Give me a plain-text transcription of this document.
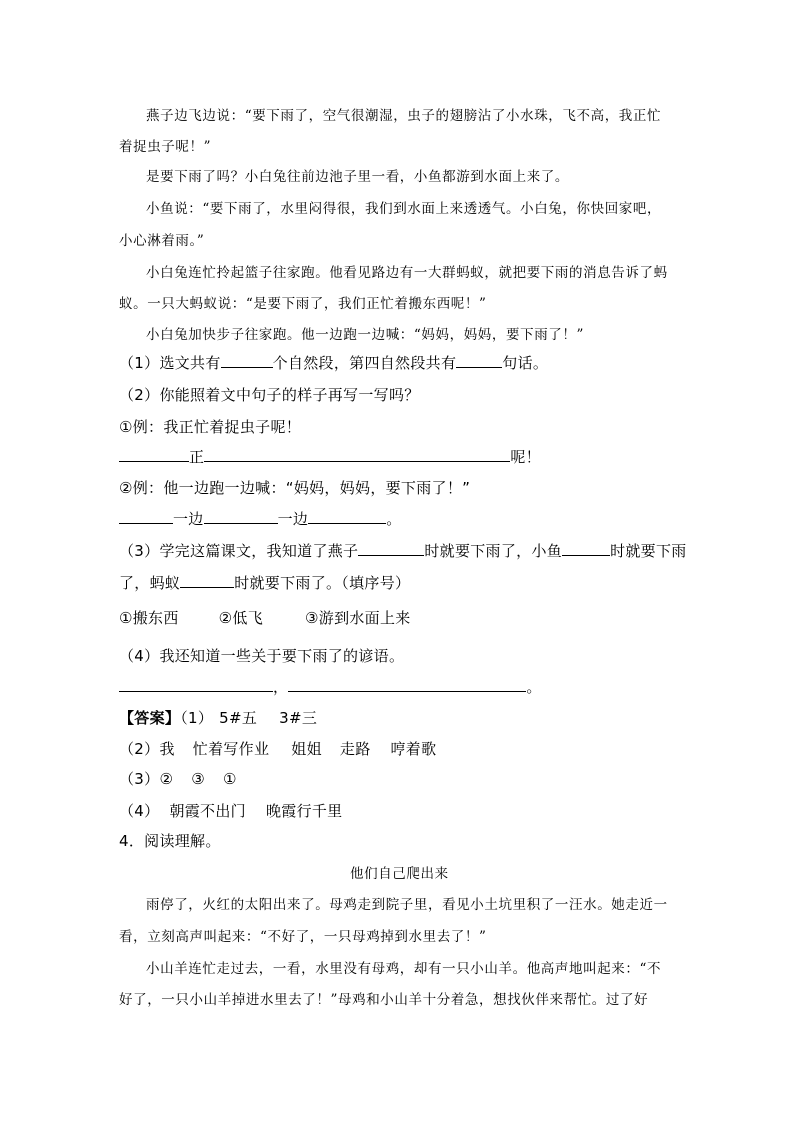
燕子边飞边说：“要下雨了，空气很潮湿，虫子的翅膀沾了小水珠，飞不高，我正忙
着捉虫子呢！”
是要下雨了吗？小白兔往前边池子里一看，小鱼都游到水面上来了。
小鱼说：“要下雨了，水里闷得很，我们到水面上来透透气。小白兔，你快回家吧，
小心淋着雨。”
小白兔连忙拎起篮子往家跑。他看见路边有一大群蚂蚁，就把要下雨的消息告诉了蚂
蚁。一只大蚂蚁说：“是要下雨了，我们正忙着搬东西呢！”
小白兔加快步子往家跑。他一边跑一边喊：“妈妈，妈妈，要下雨了！”
（1）选文共有	个自然段，第四自然段共有	句话。
（2）你能照着文中句子的样子再写一写吗？
①例：我正忙着捉虫子呢！
正	呢！
②例：他一边跑一边喊：“妈妈，妈妈，要下雨了！”
一边	一边	。
（3）学完这篇课文，我知道了燕子	时就要下雨了，小鱼	时就要下雨
了，蚂蚁	时就要下雨了。（填序号）
①搬东西	②低飞	③游到水面上来
（4）我还知道一些关于要下雨了的谚语。
，	。
【答案】（1） 5#五 3#三
（2）我 忙着写作业 姐姐 走路 哼着歌
（3）② ③ ①
（4） 朝霞不出门 晚霞行千里
4．阅读理解。
他们自己爬出来
雨停了，火红的太阳出来了。母鸡走到院子里，看见小土坑里积了一汪水。她走近一
看，立刻高声叫起来：“不好了，一只母鸡掉到水里去了！”
小山羊连忙走过去，一看，水里没有母鸡，却有一只小山羊。他高声地叫起来：“不
好了，一只小山羊掉进水里去了！”母鸡和小山羊十分着急，想找伙伴来帮忙。过了好
